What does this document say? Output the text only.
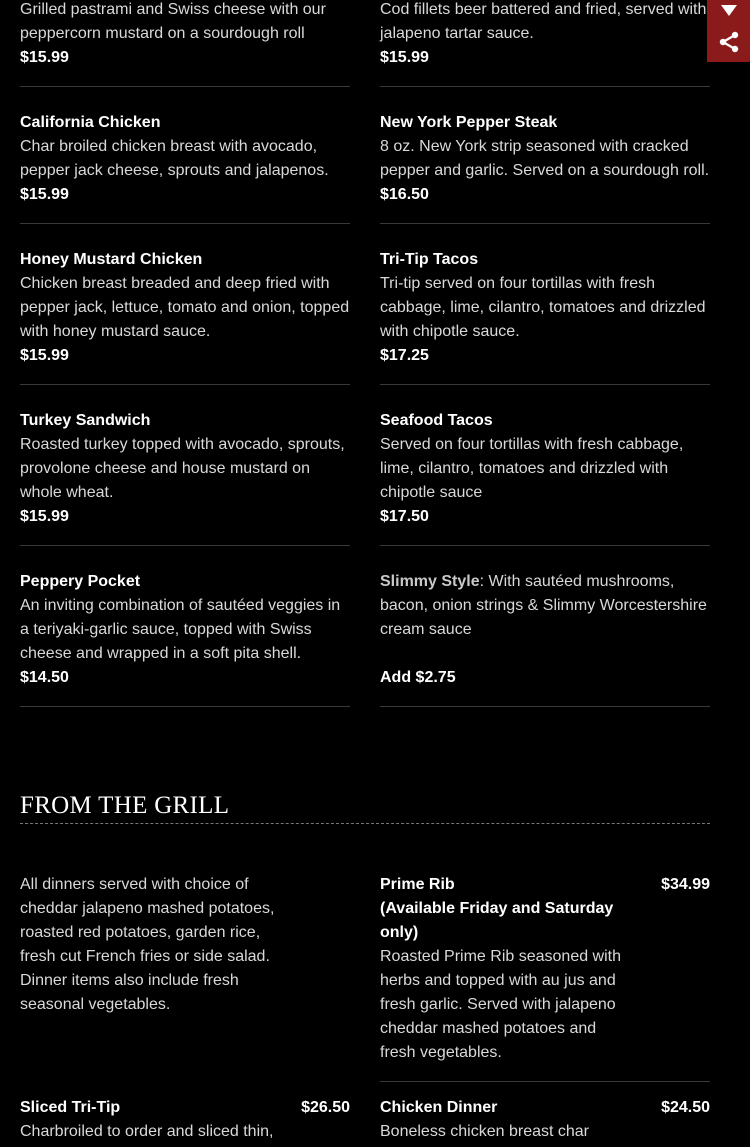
Grilled pastrami and Swiss cheese with our peppercorn mustard on a sourdough roll
$15.99
California Chicken
Char broiled chicken breast with avocado, pepper jack cheese, sprouts and jalapenos.
$15.99
Honey Mustard Chicken
Chicken breast breaded and deep fried with pepper jack, lettuce, tomato and onion, topped with honey mustard sauce.
$15.99
Turkey Sandwich
Roasted turkey topped with avocado, sprouts, provolone cheese and house mustard on whole wheat.
$15.99
Peppery Pocket
An inviting combination of sautéed veggies in a teriyaki-garlic sauce, topped with Swiss cheese and wrapped in a soft pita shell.
$14.50
Cod fillets beer battered and fried, served with jalapeno tartar sauce.
$15.99
New York Pepper Steak
8 oz. New York strip seasoned with cracked pepper and garlic. Served on a sourdough roll.
$16.50
Tri-Tip Tacos
Tri-tip served on four tortillas with fresh cabbage, lime, cilantro, tomatoes and drizzled with chipotle sauce.
$17.25
Seafood Tacos
Served on four tortillas with fresh cabbage, lime, cilantro, tomatoes and drizzled with chipotle sauce
$17.50
Slimmy Style: With sautéed mushrooms, bacon, onion strings & Slimmy Worcestershire cream sauce
Add $2.75
FROM THE GRILL
All dinners served with choice of cheddar jalapeno mashed potatoes, roasted red potatoes, garden rice, fresh cut French fries or side salad. Dinner items also include fresh seasonal vegetables.
Prime Rib
(Available Friday and Saturday only)
Roasted Prime Rib seasoned with herbs and topped with au jus and fresh garlic. Served with jalapeno cheddar mashed potatoes and fresh vegetables.
$34.99
Sliced Tri-Tip	$26.50
Charbroiled to order and sliced thin,
Chicken Dinner	$24.50
Boneless chicken breast char
